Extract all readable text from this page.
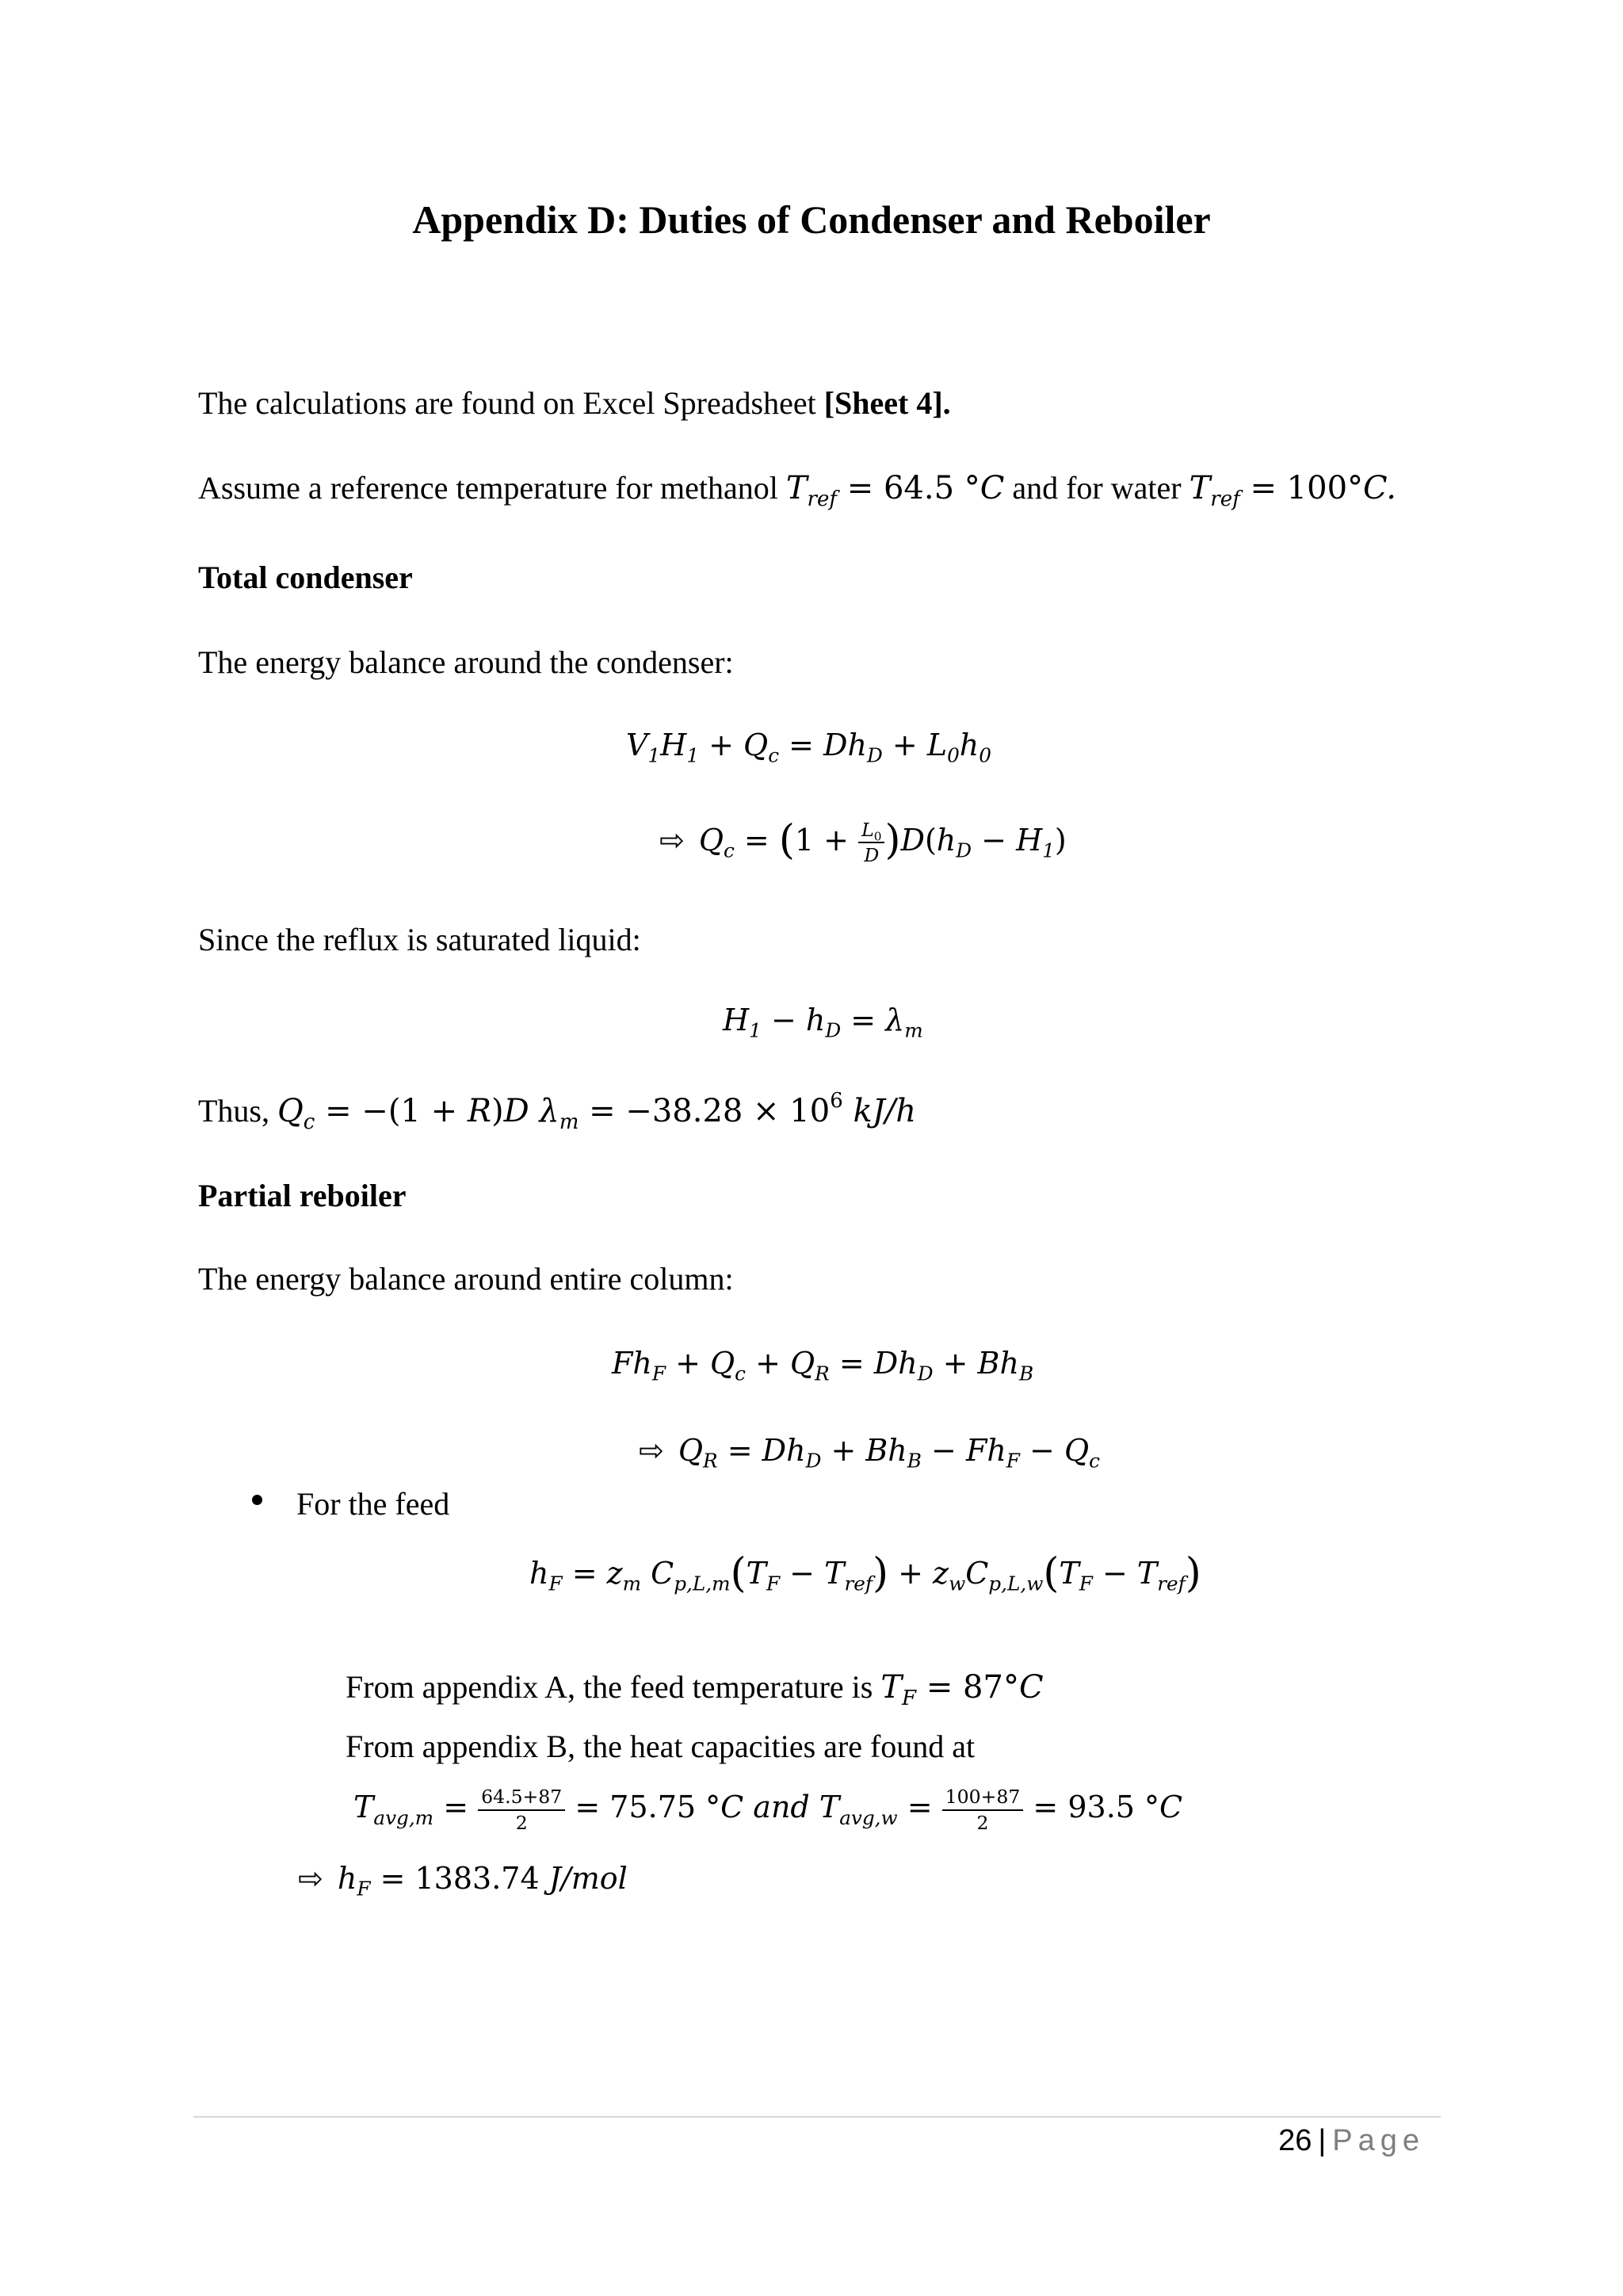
Appendix D: Duties of Condenser and Reboiler
The calculations are found on Excel Spreadsheet [Sheet 4].
Assume a reference temperature for methanol $T_{ref} = 64.5$ °C and for water $T_{ref} = 100^\circ C$.
Total condenser
The energy balance around the condenser:
$V_1H_1 + Q_c = Dh_D + L_0h_0$
⇨ $Q_c = (1 + \frac{L_0}{D} )D(h_D - H_1)$
Since the reflux is saturated liquid:
$H_1 - h_D = \lambda_m$
Thus, $Q_c = -(1 + R)D$ $\lambda_m = -38.28 \times 10^6$ kJ/h
Partial reboiler
The energy balance around entire column:
$Fh_F + Q_c + Q_R = Dh_D + Bh_B$
⇨ $Q_R = Dh_D + Bh_B - Fh_F - Q_c$
For the feed
$h_F = z_m$ $C_{p,L,m}(T_F - T_{ref}) + z_wC_{p,L,w}(T_F - T_{ref})$
From appendix A, the feed temperature is $T_F = 87^\circ C$
From appendix B, the heat capacities are found at
$T_{avg,m} = \frac{64.5+87}{2} = 75.75$ °C and $T_{avg,w} = \frac{100+87}{2} = 93.5$ °C
⇨ $h_F = 1383.74$ J/mol
26 | Page
